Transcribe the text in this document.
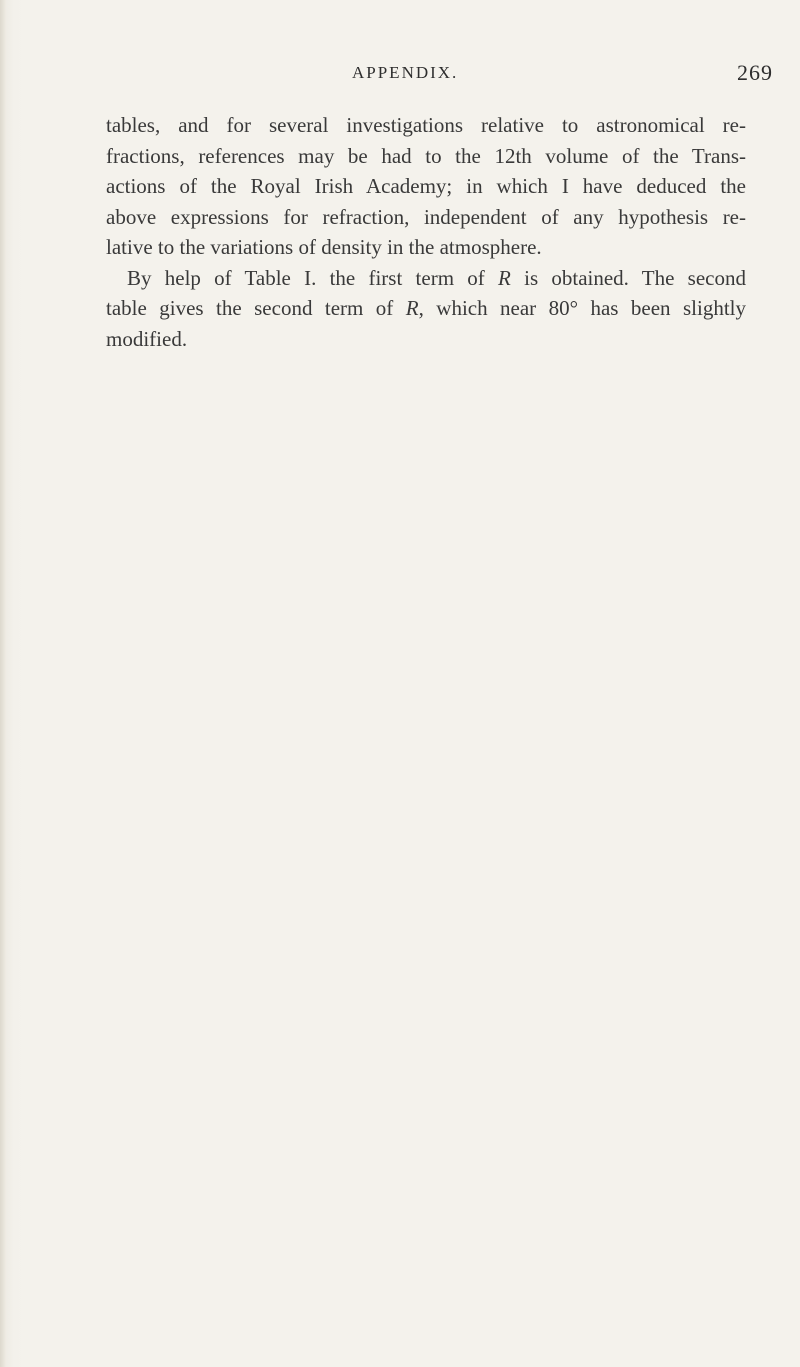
APPENDIX.	269

tables, and for several investigations relative to astronomical re-
fractions, references may be had to the 12th volume of the Trans-
actions of the Royal Irish Academy; in which I have deduced the
above expressions for refraction, independent of any hypothesis re-
lative to the variations of density in the atmosphere.

By help of Table I. the first term of R is obtained. The second
table gives the second term of R, which near 80° has been slightly
modified.
